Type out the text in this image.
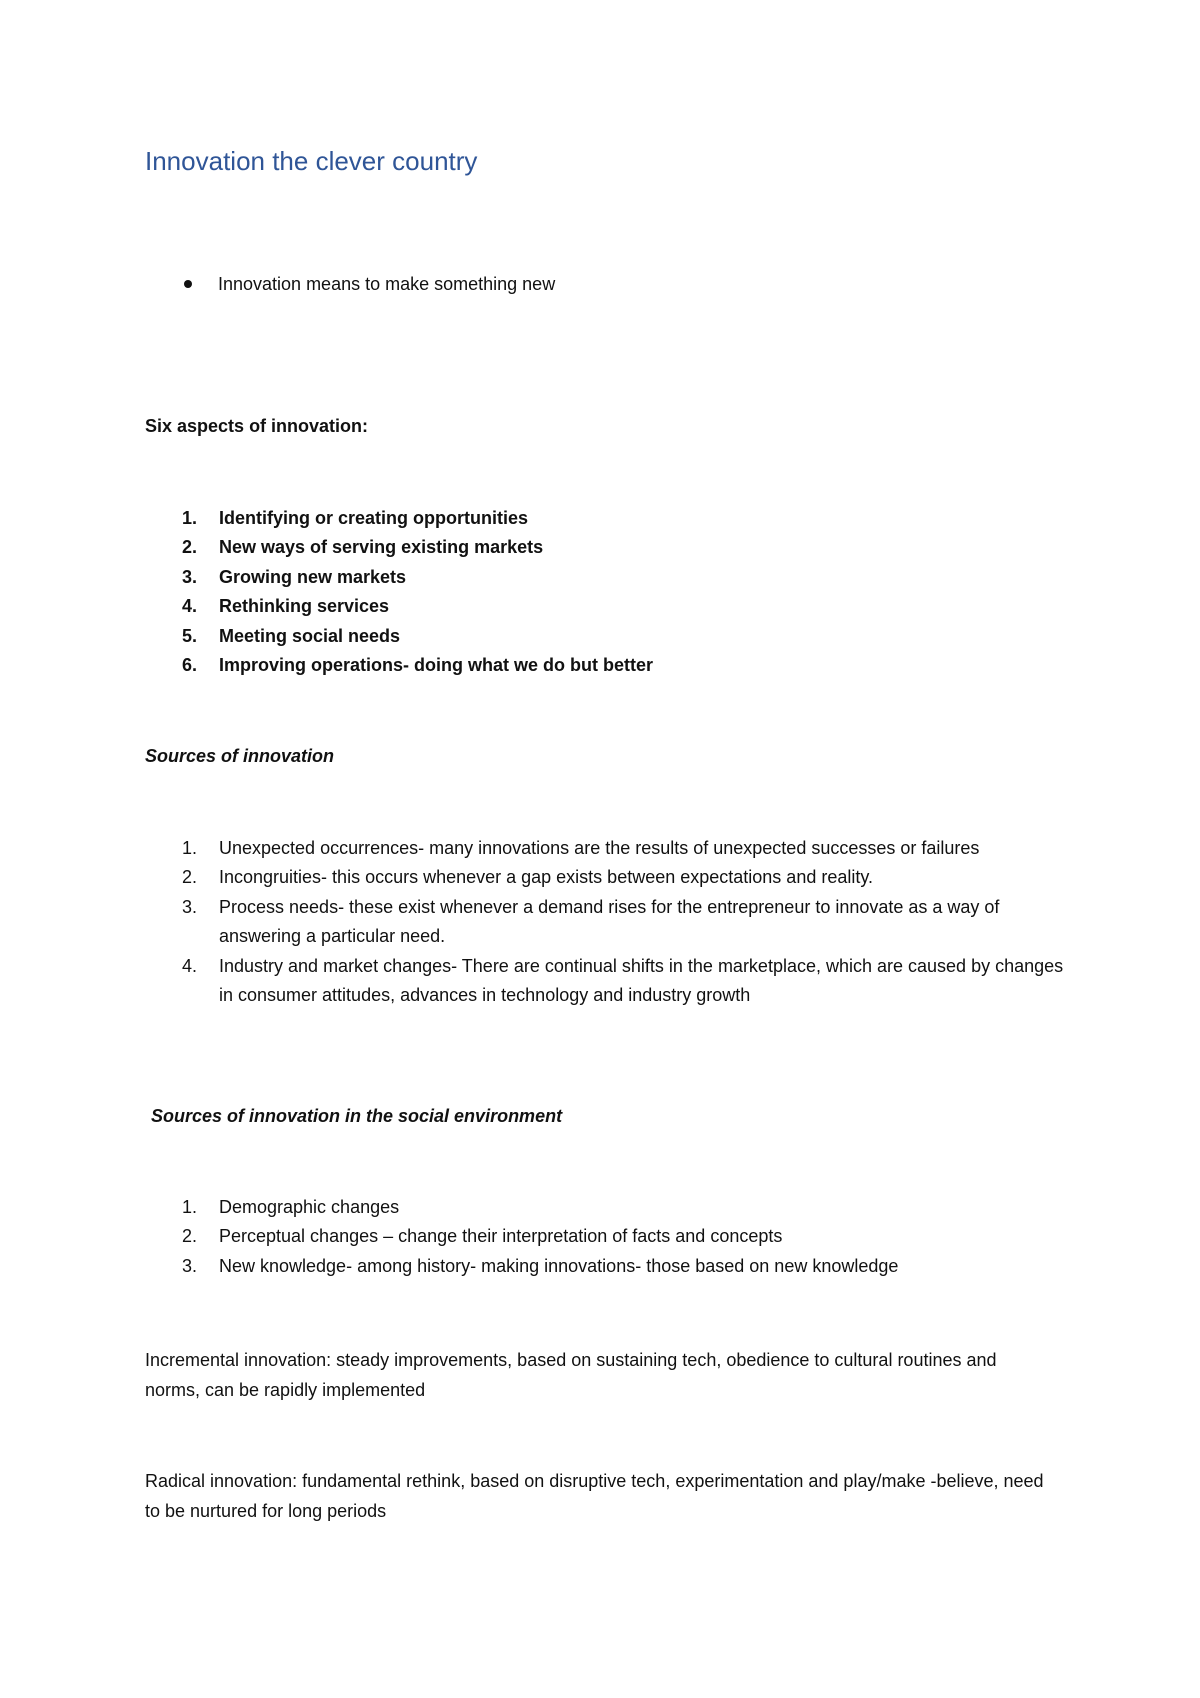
Innovation the clever country
Innovation means to make something new
Six aspects of innovation:
1. Identifying or creating opportunities
2. New ways of serving existing markets
3. Growing new markets
4. Rethinking services
5. Meeting social needs
6. Improving operations- doing what we do but better
Sources of innovation
1. Unexpected occurrences- many innovations are the results of unexpected successes or failures
2. Incongruities- this occurs whenever a gap exists between expectations and reality.
3. Process needs- these exist whenever a demand rises for the entrepreneur to innovate as a way of answering a particular need.
4. Industry and market changes- There are continual shifts in the marketplace, which are caused by changes in consumer attitudes, advances in technology and industry growth
Sources of innovation in the social environment
1. Demographic changes
2. Perceptual changes – change their interpretation of facts and concepts
3. New knowledge- among history- making innovations- those based on new knowledge
Incremental innovation: steady improvements, based on sustaining tech, obedience to cultural routines and norms, can be rapidly implemented
Radical innovation: fundamental rethink, based on disruptive tech, experimentation and play/make -believe, need to be nurtured for long periods
